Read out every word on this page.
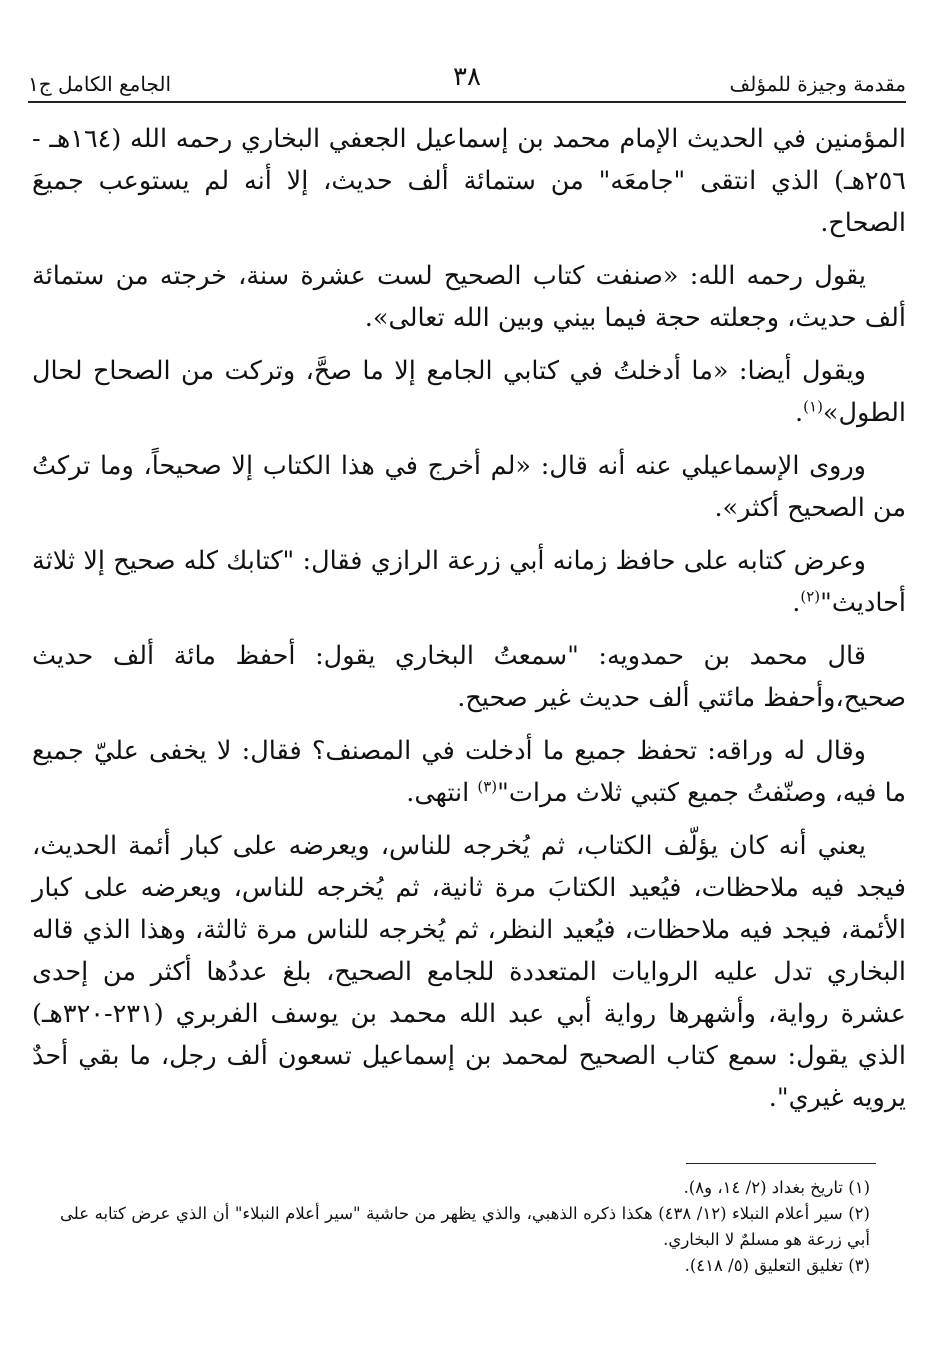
مقدمة وجيزة للمؤلف
٣٨
الجامع الكامل ج١

المؤمنين في الحديث الإمام محمد بن إسماعيل الجعفي البخاري رحمه الله (١٦٤هـ - ٢٥٦هـ) الذي انتقى "جامعَه" من ستمائة ألف حديث، إلا أنه لم يستوعب جميعَ الصحاح.

يقول رحمه الله: «صنفت كتاب الصحيح لست عشرة سنة، خرجته من ستمائة ألف حديث، وجعلته حجة فيما بيني وبين الله تعالى».

ويقول أيضا: «ما أدخلتُ في كتابي الجامع إلا ما صحَّ، وتركت من الصحاح لحال الطول»$^{(١)}$.

وروى الإسماعيلي عنه أنه قال: «لم أخرج في هذا الكتاب إلا صحيحاً، وما تركتُ من الصحيح أكثر».

وعرض كتابه على حافظ زمانه أبي زرعة الرازي فقال: "كتابك كله صحيح إلا ثلاثة أحاديث"$^{(٢)}$.

قال محمد بن حمدويه: "سمعتُ البخاري يقول: أحفظ مائة ألف حديث صحيح،وأحفظ مائتي ألف حديث غير صحيح.

وقال له وراقه: تحفظ جميع ما أدخلت في المصنف؟ فقال: لا يخفى عليّ جميع ما فيه، وصنّفتُ جميع كتبي ثلاث مرات"$^{(٣)}$ انتهى.

يعني أنه كان يؤلّف الكتاب، ثم يُخرجه للناس، ويعرضه على كبار أئمة الحديث، فيجد فيه ملاحظات، فيُعيد الكتابَ مرة ثانية، ثم يُخرجه للناس، ويعرضه على كبار الأئمة، فيجد فيه ملاحظات، فيُعيد النظر، ثم يُخرجه للناس مرة ثالثة، وهذا الذي قاله البخاري تدل عليه الروايات المتعددة للجامع الصحيح، بلغ عددُها أكثر من إحدى عشرة رواية، وأشهرها رواية أبي عبد الله محمد بن يوسف الفربري (٢٣١-٣٢٠هـ) الذي يقول: سمع كتاب الصحيح لمحمد بن إسماعيل تسعون ألف رجل، ما بقي أحدٌ يرويه غيري".

(١) تاريخ بغداد (٢/ ١٤، و٨).

(٢) سير أعلام النبلاء (١٢/ ٤٣٨) هكذا ذكره الذهبي، والذي يظهر من حاشية "سير أعلام النبلاء" أن الذي عرض كتابه على أبي زرعة هو مسلمٌ لا البخاري.

(٣) تغليق التعليق (٥/ ٤١٨).
